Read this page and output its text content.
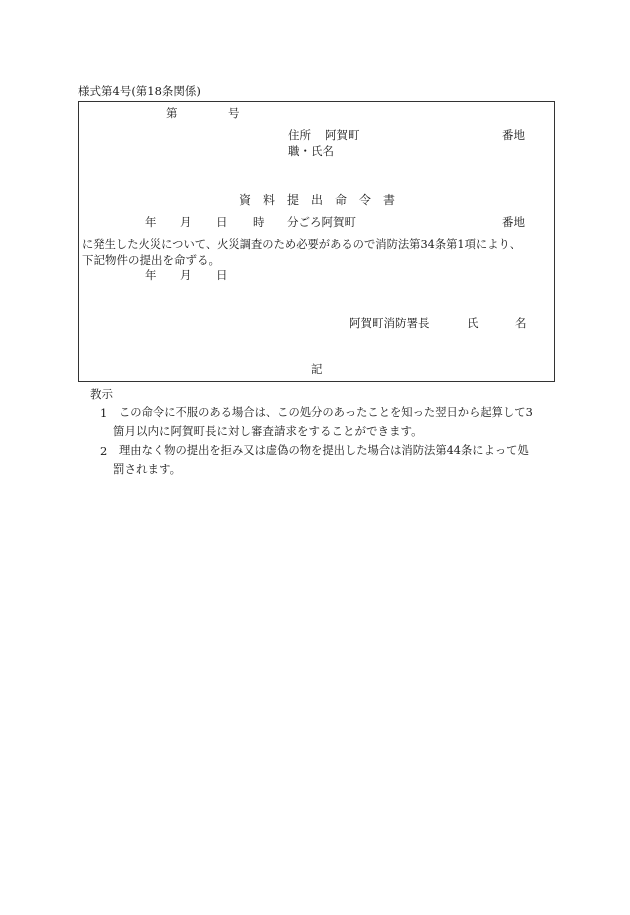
様式第4号(第18条関係)
第	号
住所 阿賀町	番地
職・氏名
資　料　提　出　命　令　書
年 月 日 時 分ごろ阿賀町	番地
に発生した火災について、火災調査のため必要があるので消防法第34条第1項により、
下記物件の提出を命ずる。
年 月 日
阿賀町消防署長	氏	名
記
教示
1 この命令に不服のある場合は、この処分のあったことを知った翌日から起算して3
箇月以内に阿賀町長に対し審査請求をすることができます。
2 理由なく物の提出を拒み又は虚偽の物を提出した場合は消防法第44条によって処
罰されます。
